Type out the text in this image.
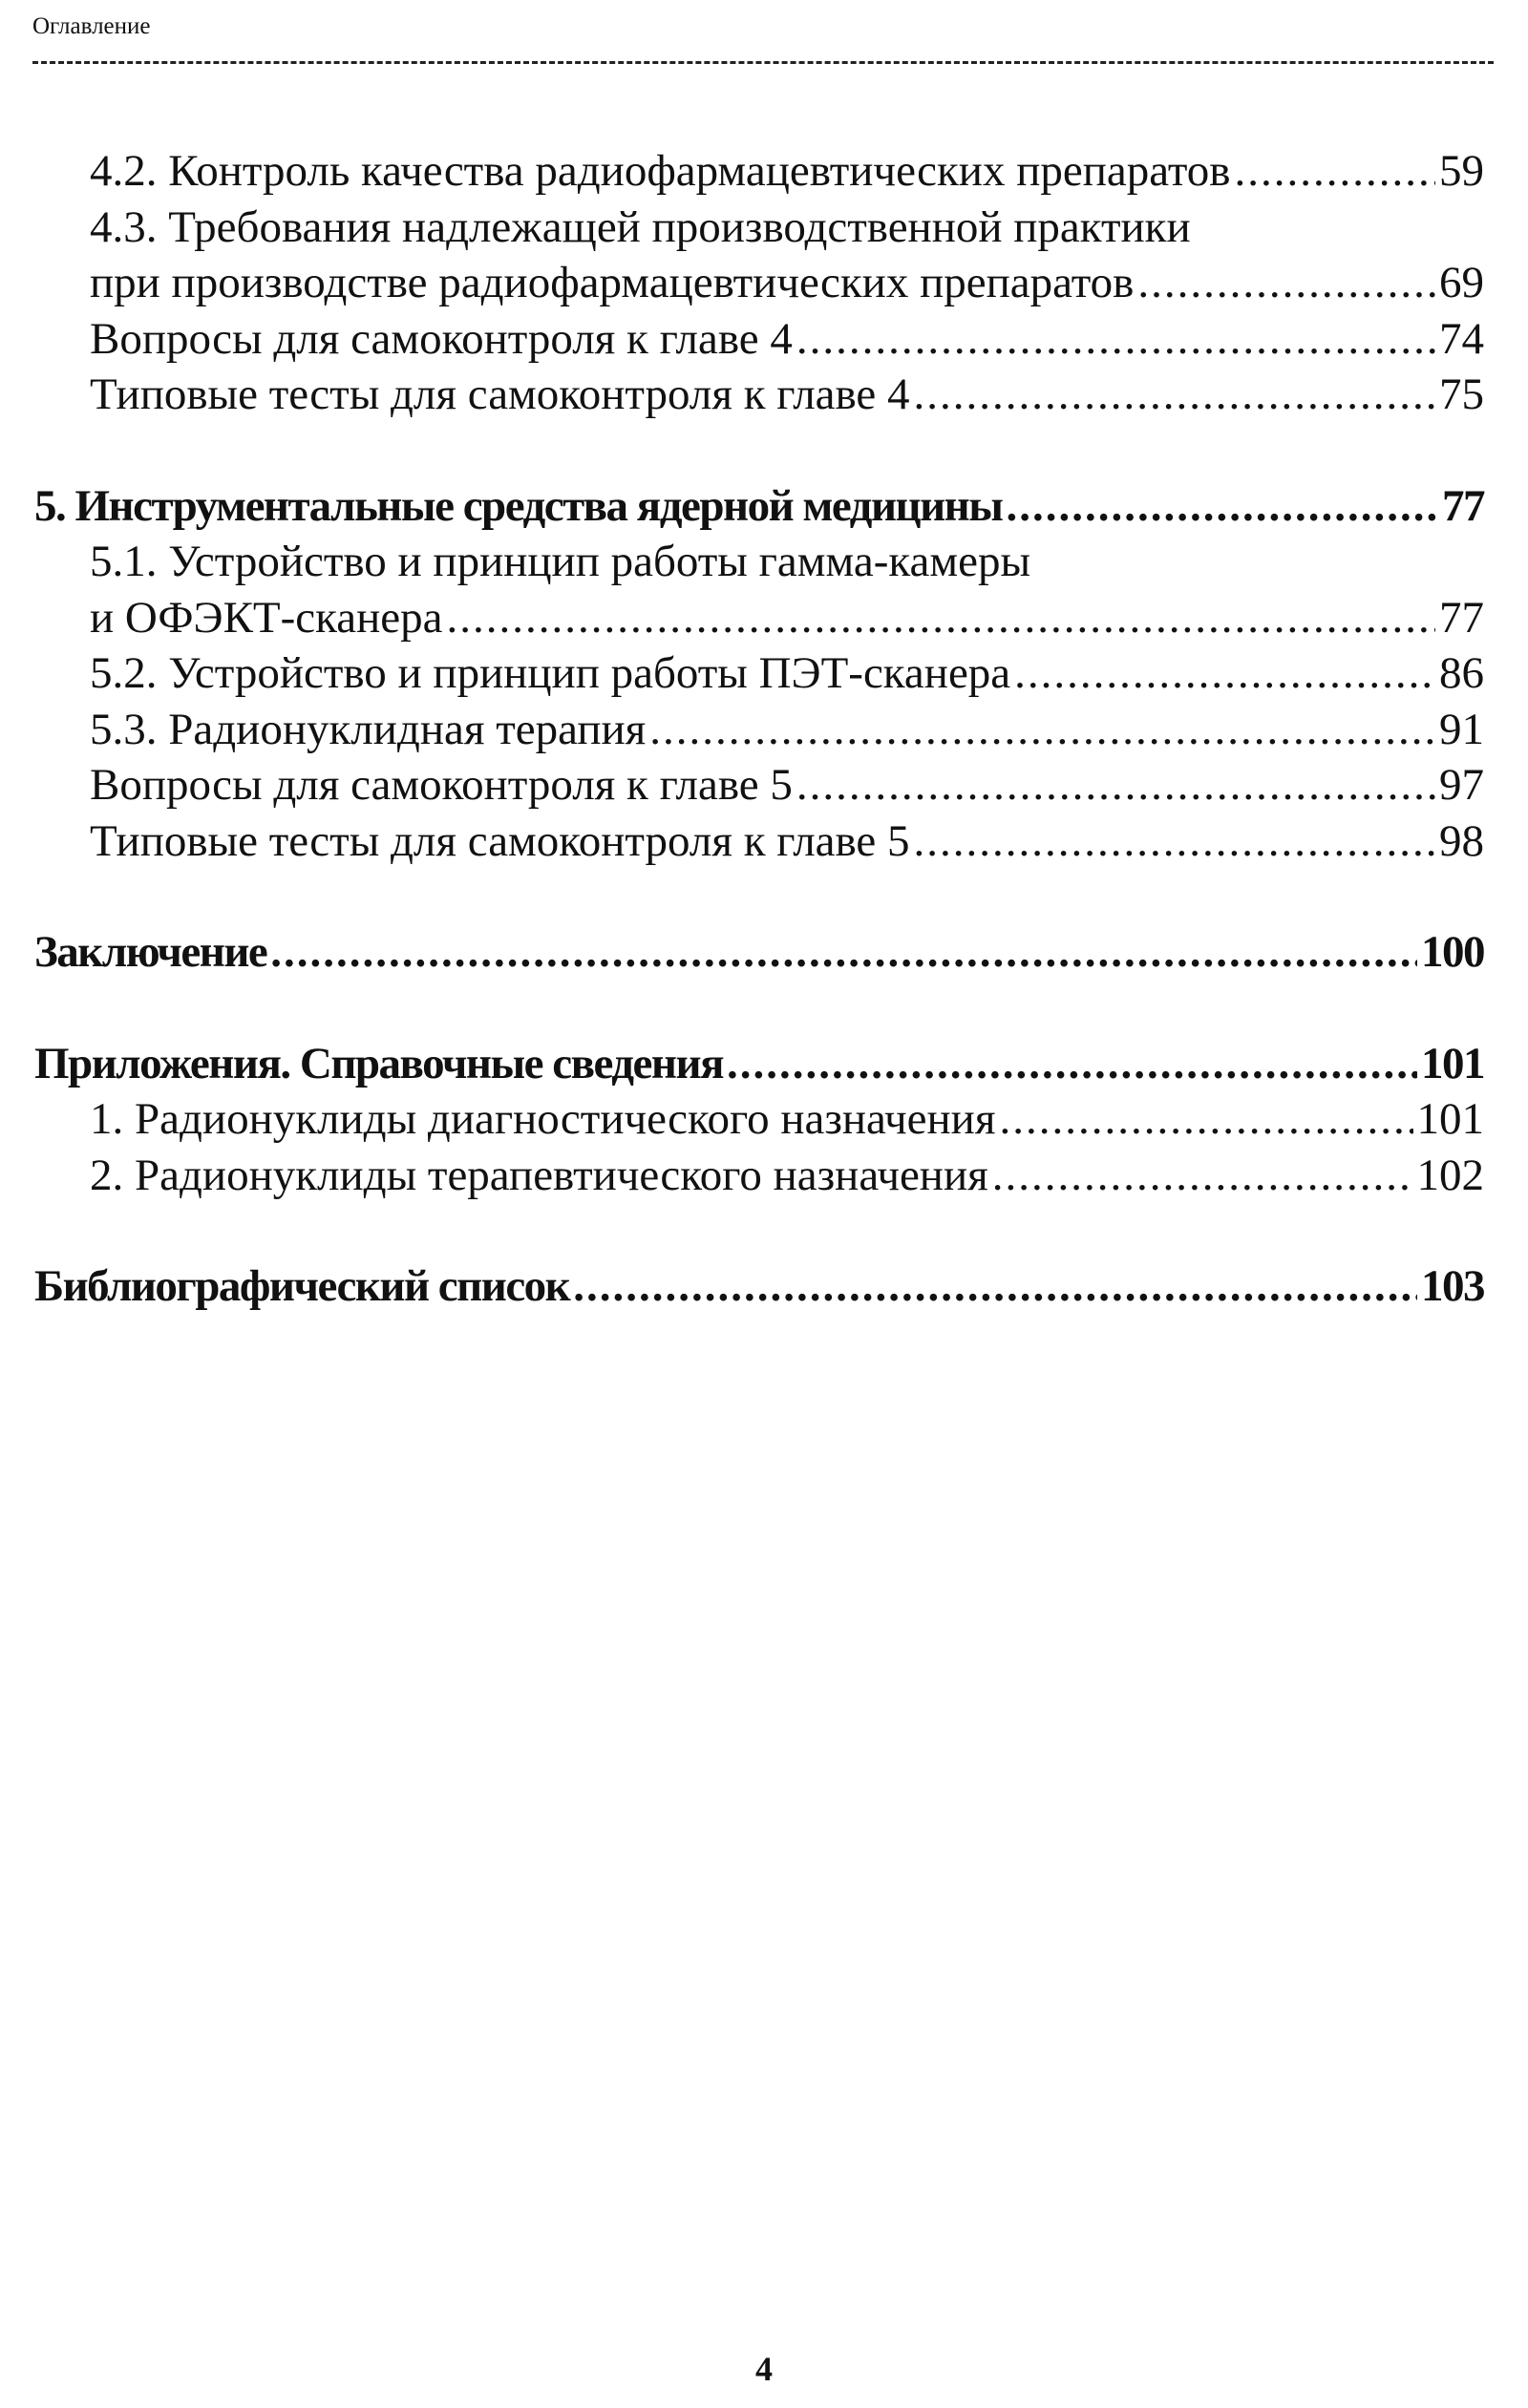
Оглавление
4.2. Контроль качества радиофармацевтических препаратов .....	59
4.3. Требования надлежащей производственной практики
при производстве радиофармацевтических препаратов .....	69
Вопросы для самоконтроля к главе 4 .....	74
Типовые тесты для самоконтроля к главе 4 .....	75
5. Инструментальные средства ядерной медицины .....	77
5.1. Устройство и принцип работы гамма-камеры
и ОФЭКТ-сканера .....	77
5.2. Устройство и принцип работы ПЭТ-сканера .....	86
5.3. Радионуклидная терапия .....	91
Вопросы для самоконтроля к главе 5 .....	97
Типовые тесты для самоконтроля к главе 5 .....	98
Заключение .....	100
Приложения. Справочные сведения .....	101
1. Радионуклиды диагностического назначения .....	101
2. Радионуклиды терапевтического назначения .....	102
Библиографический список .....	103
4
